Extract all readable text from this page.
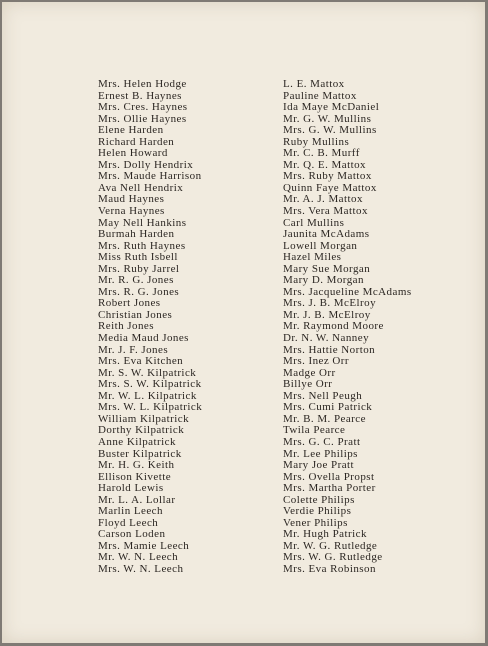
Mrs. Helen Hodge
Ernest B. Haynes
Mrs. Cres. Haynes
Mrs. Ollie Haynes
Elene Harden
Richard Harden
Helen Howard
Mrs. Dolly Hendrix
Mrs. Maude Harrison
Ava Nell Hendrix
Maud Haynes
Verna Haynes
May Nell Hankins
Burmah Harden
Mrs. Ruth Haynes
Miss Ruth Isbell
Mrs. Ruby Jarrel
Mr. R. G. Jones
Mrs. R. G. Jones
Robert Jones
Christian Jones
Reith Jones
Media Maud Jones
Mr. J. F. Jones
Mrs. Eva Kitchen
Mr. S. W. Kilpatrick
Mrs. S. W. Kilpatrick
Mr. W. L. Kilpatrick
Mrs. W. L. Kilpatrick
William Kilpatrick
Dorthy Kilpatrick
Anne Kilpatrick
Buster Kilpatrick
Mr. H. G. Keith
Ellison Kivette
Harold Lewis
Mr. L. A. Lollar
Marlin Leech
Floyd Leech
Carson Loden
Mrs. Mamie Leech
Mr. W. N. Leech
Mrs. W. N. Leech
L. E. Mattox
Pauline Mattox
Ida Maye McDaniel
Mr. G. W. Mullins
Mrs. G. W. Mullins
Ruby Mullins
Mr. C. B. Murff
Mr. Q. E. Mattox
Mrs. Ruby Mattox
Quinn Faye Mattox
Mr. A. J. Mattox
Mrs. Vera Mattox
Carl Mullins
Jaunita McAdams
Lowell Morgan
Hazel Miles
Mary Sue Morgan
Mary D. Morgan
Mrs. Jacqueline McAdams
Mrs. J. B. McElroy
Mr. J. B. McElroy
Mr. Raymond Moore
Dr. N. W. Nanney
Mrs. Hattie Norton
Mrs. Inez Orr
Madge Orr
Billye Orr
Mrs. Nell Peugh
Mrs. Cumi Patrick
Mr. B. M. Pearce
Twila Pearce
Mrs. G. C. Pratt
Mr. Lee Philips
Mary Joe Pratt
Mrs. Ovella Propst
Mrs. Martha Porter
Colette Philips
Verdie Philips
Vener Philips
Mr. Hugh Patrick
Mr. W. G. Rutledge
Mrs. W. G. Rutledge
Mrs. Eva Robinson
